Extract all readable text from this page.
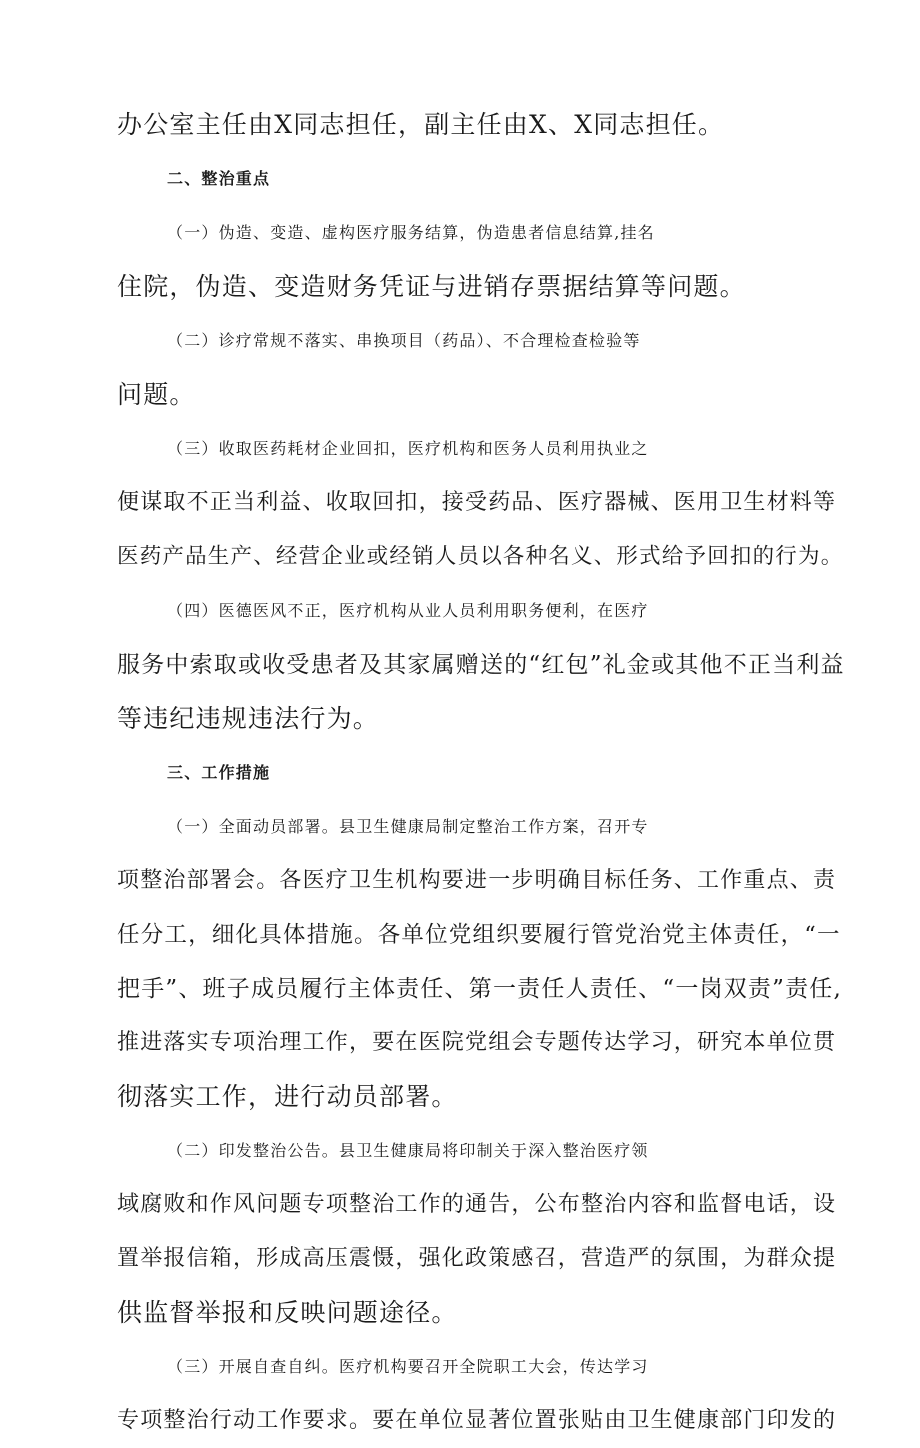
办公室主任由X同志担任，副主任由X、X同志担任。
二、整治重点
（一）伪造、变造、虚构医疗服务结算，伪造患者信息结算,挂名
住院，伪造、变造财务凭证与进销存票据结算等问题。
（二）诊疗常规不落实、串换项目（药品）、不合理检查检验等
问题。
（三）收取医药耗材企业回扣，医疗机构和医务人员利用执业之
便谋取不正当利益、收取回扣，接受药品、医疗器械、医用卫生材料等
医药产品生产、经营企业或经销人员以各种名义、形式给予回扣的行为。
（四）医德医风不正，医疗机构从业人员利用职务便利，在医疗
服务中索取或收受患者及其家属赠送的“红包”礼金或其他不正当利益
等违纪违规违法行为。
三、工作措施
（一）全面动员部署。县卫生健康局制定整治工作方案，召开专
项整治部署会。各医疗卫生机构要进一步明确目标任务、工作重点、责
任分工，细化具体措施。各单位党组织要履行管党治党主体责任，“一
把手”、班子成员履行主体责任、第一责任人责任、“一岗双责”责任,
推进落实专项治理工作，要在医院党组会专题传达学习，研究本单位贯
彻落实工作，进行动员部署。
（二）印发整治公告。县卫生健康局将印制关于深入整治医疗领
域腐败和作风问题专项整治工作的通告，公布整治内容和监督电话，设
置举报信箱，形成高压震慑，强化政策感召，营造严的氛围，为群众提
供监督举报和反映问题途径。
（三）开展自查自纠。医疗机构要召开全院职工大会，传达学习
专项整治行动工作要求。要在单位显著位置张贴由卫生健康部门印发的
